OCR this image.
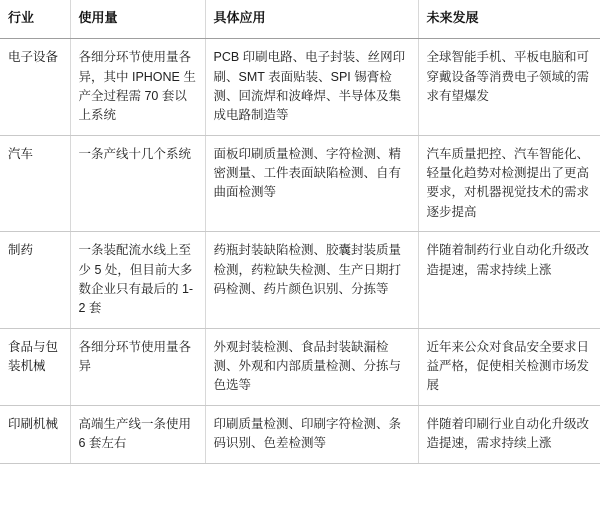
行业	使用量	具体应用	未来发展
电子设备	各细分环节使用量各异，其中 IPHONE 生产全过程需 70 套以上系统	PCB 印刷电路、电子封装、丝网印刷、SMT 表面贴装、SPI 锡膏检测、回流焊和波峰焊、半导体及集成电路制造等	全球智能手机、平板电脑和可穿戴设备等消费电子领域的需求有望爆发
汽车	一条产线十几个系统	面板印刷质量检测、字符检测、精密测量、工件表面缺陷检测、自有曲面检测等	汽车质量把控、汽车智能化、轻量化趋势对检测提出了更高要求，对机器视觉技术的需求逐步提高
制药	一条装配流水线上至少 5 处，但目前大多数企业只有最后的 1-2 套	药瓶封装缺陷检测、胶囊封装质量检测，药粒缺失检测、生产日期打码检测、药片颜色识别、分拣等	伴随着制药行业自动化升级改造提速，需求持续上涨
食品与包装机械	各细分环节使用量各异	外观封装检测、食品封装缺漏检测、外观和内部质量检测、分拣与色选等	近年来公众对食品安全要求日益严格，促使相关检测市场发展
印刷机械	高端生产线一条使用 6 套左右	印刷质量检测、印刷字符检测、条码识别、色差检测等	伴随着印刷行业自动化升级改造提速，需求持续上涨
